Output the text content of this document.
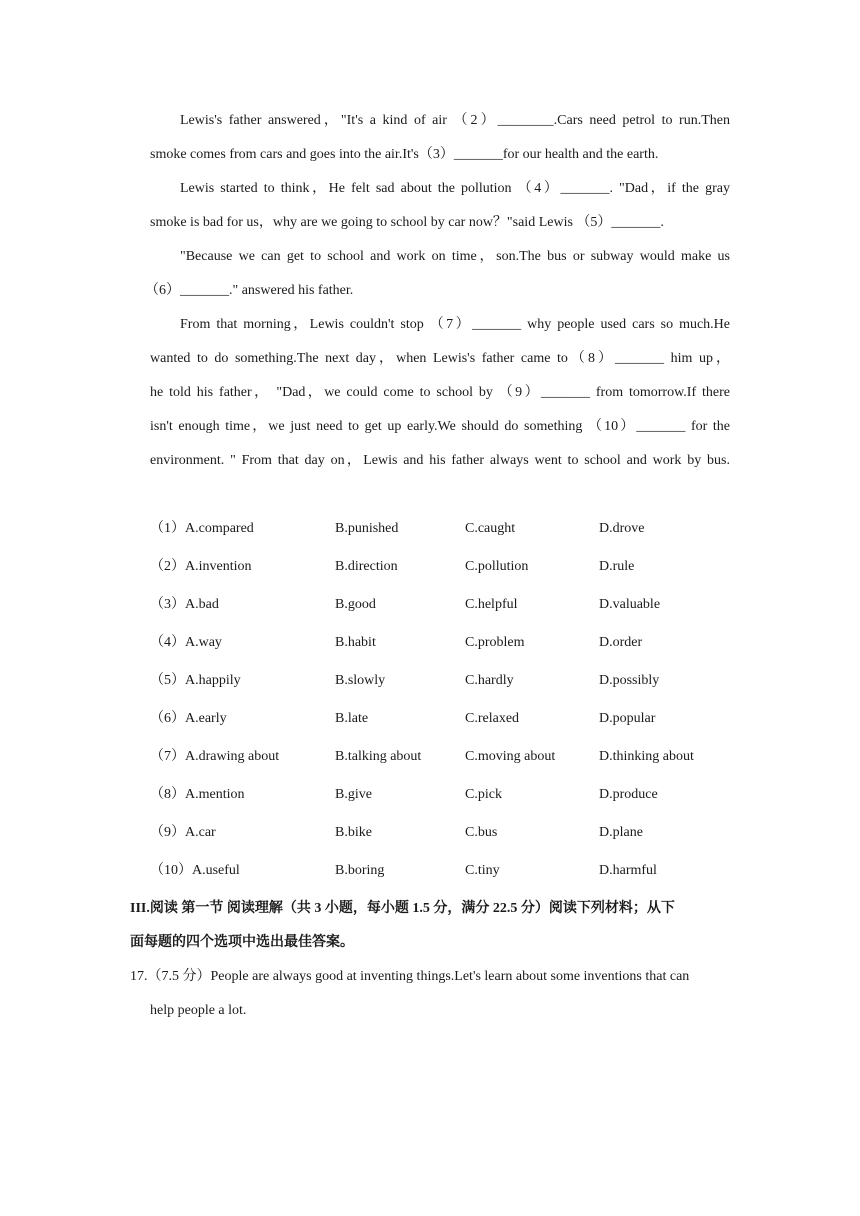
Lewis's father answered，"It's a kind of air （2）________.Cars need petrol to run.Then
smoke comes from cars and goes into the air.It's（3）_______for our health and the earth.

Lewis started to think，He felt sad about the pollution （4）_______. "Dad，if the gray
smoke is bad for us，why are we going to school by car now？"said Lewis （5）_______.

"Because we can get to school and work on time，son.The bus or subway would make us
（6）_______." answered his father.

From that morning，Lewis couldn't stop （7）_______ why people used cars so much.He
wanted to do something.The next day，when Lewis's father came to（8）_______ him up，
he told his father， "Dad，we could come to school by （9）_______ from tomorrow.If there
isn't enough time，we just need to get up early.We should do something （10）_______ for the
environment. " From that day on，Lewis and his father always went to school and work by bus.

（1）A.compared	B.punished	C.caught	D.drove
（2）A.invention	B.direction	C.pollution	D.rule
（3）A.bad	B.good	C.helpful	D.valuable
（4）A.way	B.habit	C.problem	D.order
（5）A.happily	B.slowly	C.hardly	D.possibly
（6）A.early	B.late	C.relaxed	D.popular
（7）A.drawing about	B.talking about	C.moving about	D.thinking about
（8）A.mention	B.give	C.pick	D.produce
（9）A.car	B.bike	C.bus	D.plane
（10）A.useful	B.boring	C.tiny	D.harmful

III.阅读 第一节 阅读理解（共 3 小题，每小题 1.5 分，满分 22.5 分）阅读下列材料；从下
面每题的四个选项中选出最佳答案。

17.（7.5 分）People are always good at inventing things.Let's learn about some inventions that can
help people a lot.
